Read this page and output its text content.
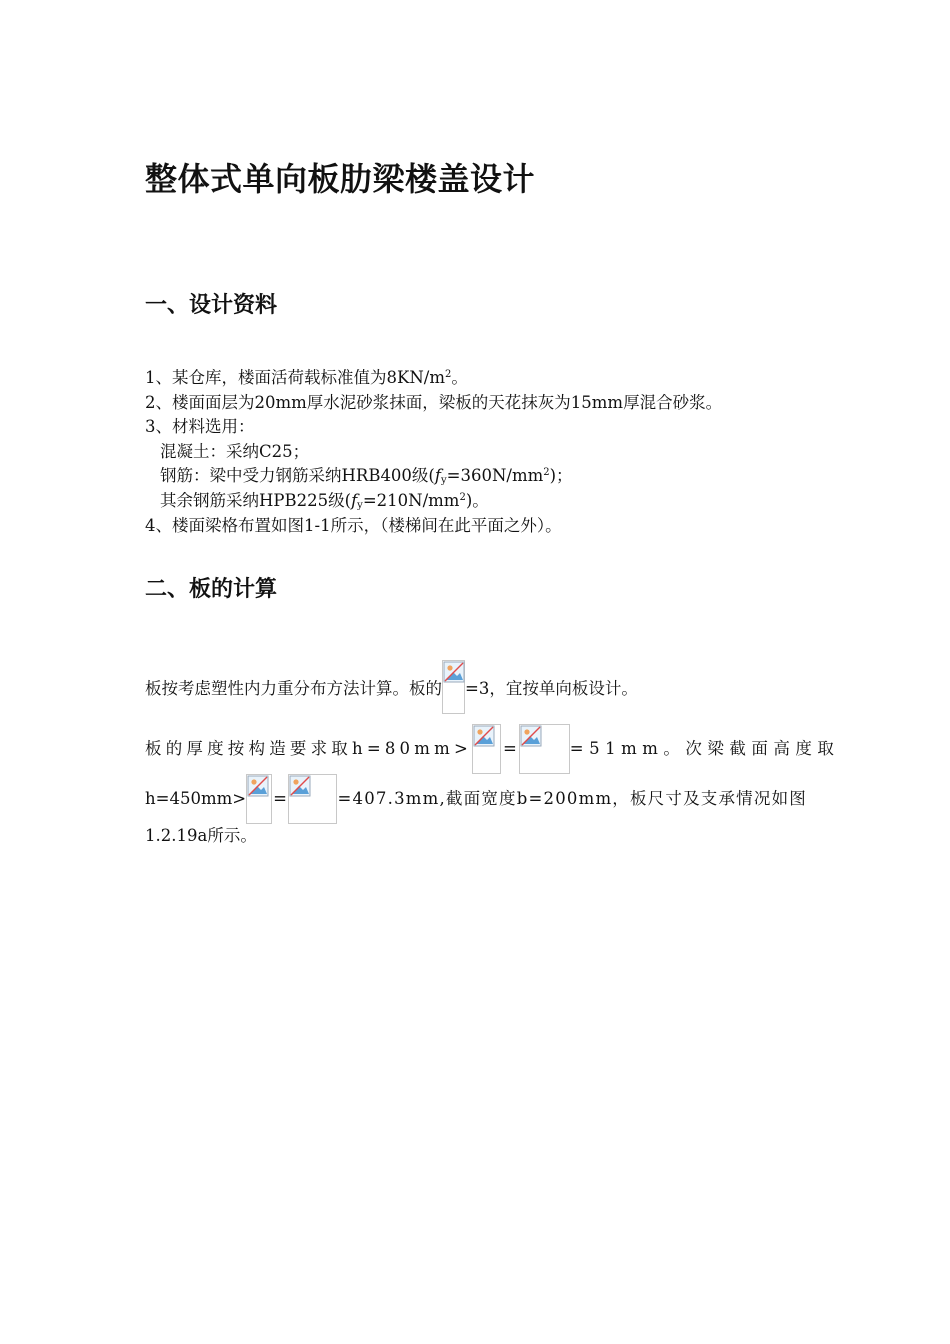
整体式单向板肋梁楼盖设计
一、设计资料
1、某仓库，楼面活荷载标准值为$8KN/m^2$。
2、楼面面层为20mm厚水泥砂浆抹面，梁板的天花抹灰为15mm厚混合砂浆。
3、材料选用：
混凝土：采纳C25；
钢筋：梁中受力钢筋采纳HRB400级$(f_y=360N/mm^2)$；
其余钢筋采纳HPB225级$(f_y=210N/mm^2)$。
4、楼面梁格布置如图1-1所示，（楼梯间在此平面之外）。
二、板的计算
板按考虑塑性内力重分布方法计算。板的 =3，宜按单向板设计。
板的厚度按构造要求取h=80mm> =	=51mm。次梁截面高度取
h=450mm> =	=407.3mm,截面宽度b=200mm，板尺寸及支承情况如图
1.2.19a所示。
